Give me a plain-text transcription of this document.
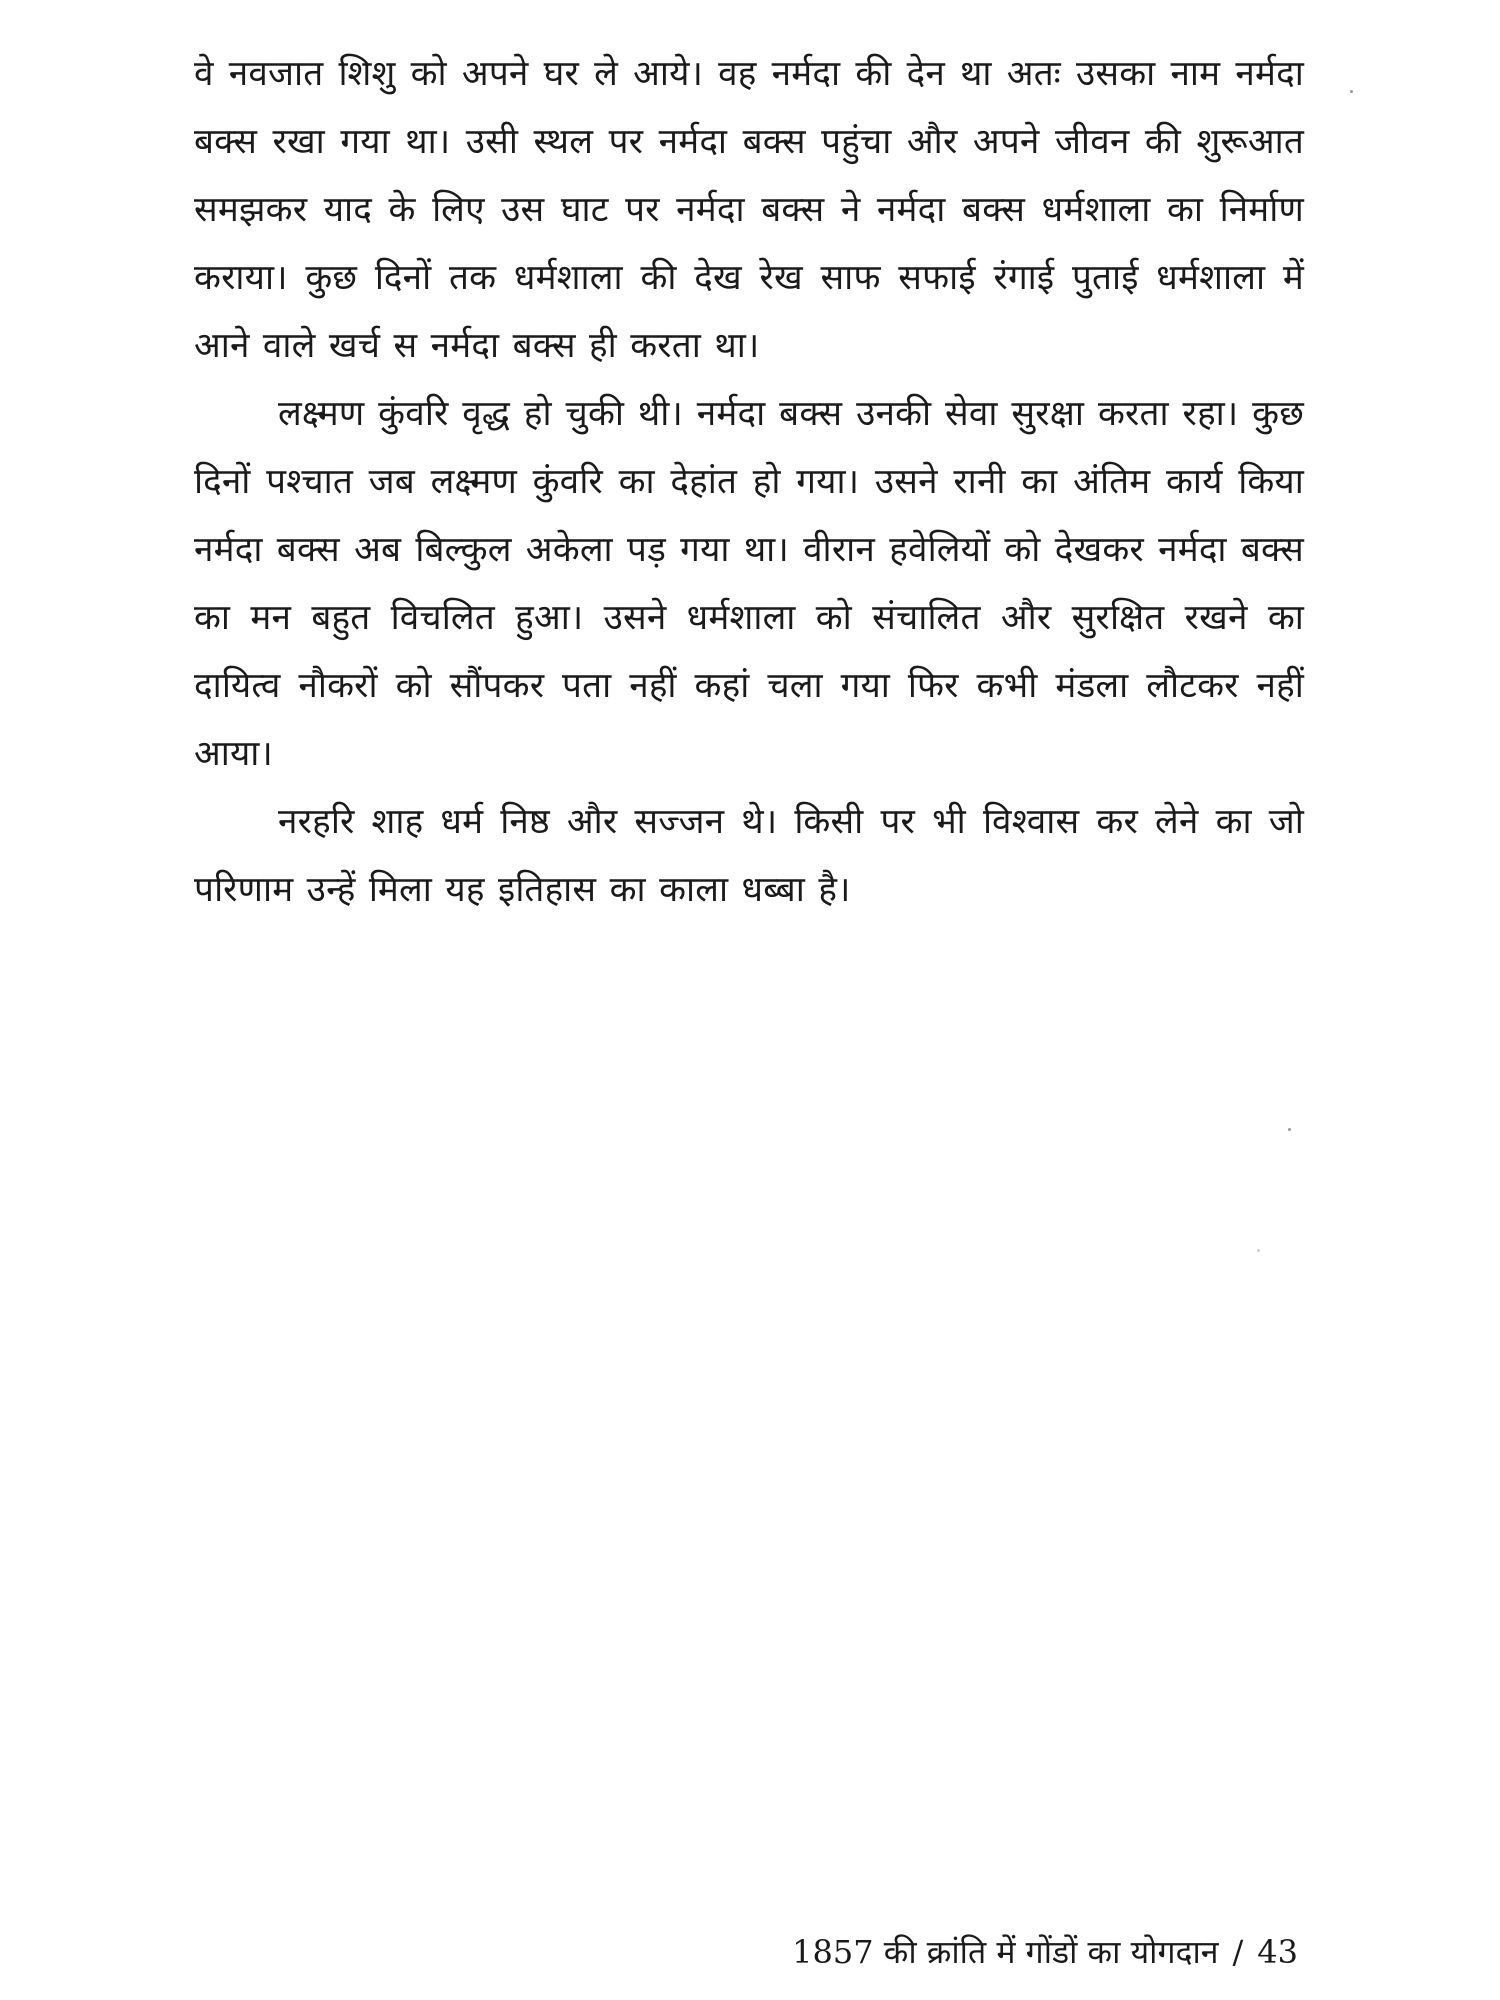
वे नवजात शिशु को अपने घर ले आये। वह नर्मदा की देन था अतः उसका नाम नर्मदा बक्स रखा गया था। उसी स्थल पर नर्मदा बक्स पहुंचा और अपने जीवन की शुरूआत समझकर याद के लिए उस घाट पर नर्मदा बक्स ने नर्मदा बक्स धर्मशाला का निर्माण कराया। कुछ दिनों तक धर्मशाला की देख रेख साफ सफाई रंगाई पुताई धर्मशाला में आने वाले खर्च स नर्मदा बक्स ही करता था।

लक्ष्मण कुंवरि वृद्ध हो चुकी थी। नर्मदा बक्स उनकी सेवा सुरक्षा करता रहा। कुछ दिनों पश्चात जब लक्ष्मण कुंवरि का देहांत हो गया। उसने रानी का अंतिम कार्य किया नर्मदा बक्स अब बिल्कुल अकेला पड़ गया था। वीरान हवेलियों को देखकर नर्मदा बक्स का मन बहुत विचलित हुआ। उसने धर्मशाला को संचालित और सुरक्षित रखने का दायित्व नौकरों को सौंपकर पता नहीं कहां चला गया फिर कभी मंडला लौटकर नहीं आया।

नरहरि शाह धर्म निष्ठ और सज्जन थे। किसी पर भी विश्वास कर लेने का जो परिणाम उन्हें मिला यह इतिहास का काला धब्बा है।

1857 की क्रांति में गोंडों का योगदान / 43
